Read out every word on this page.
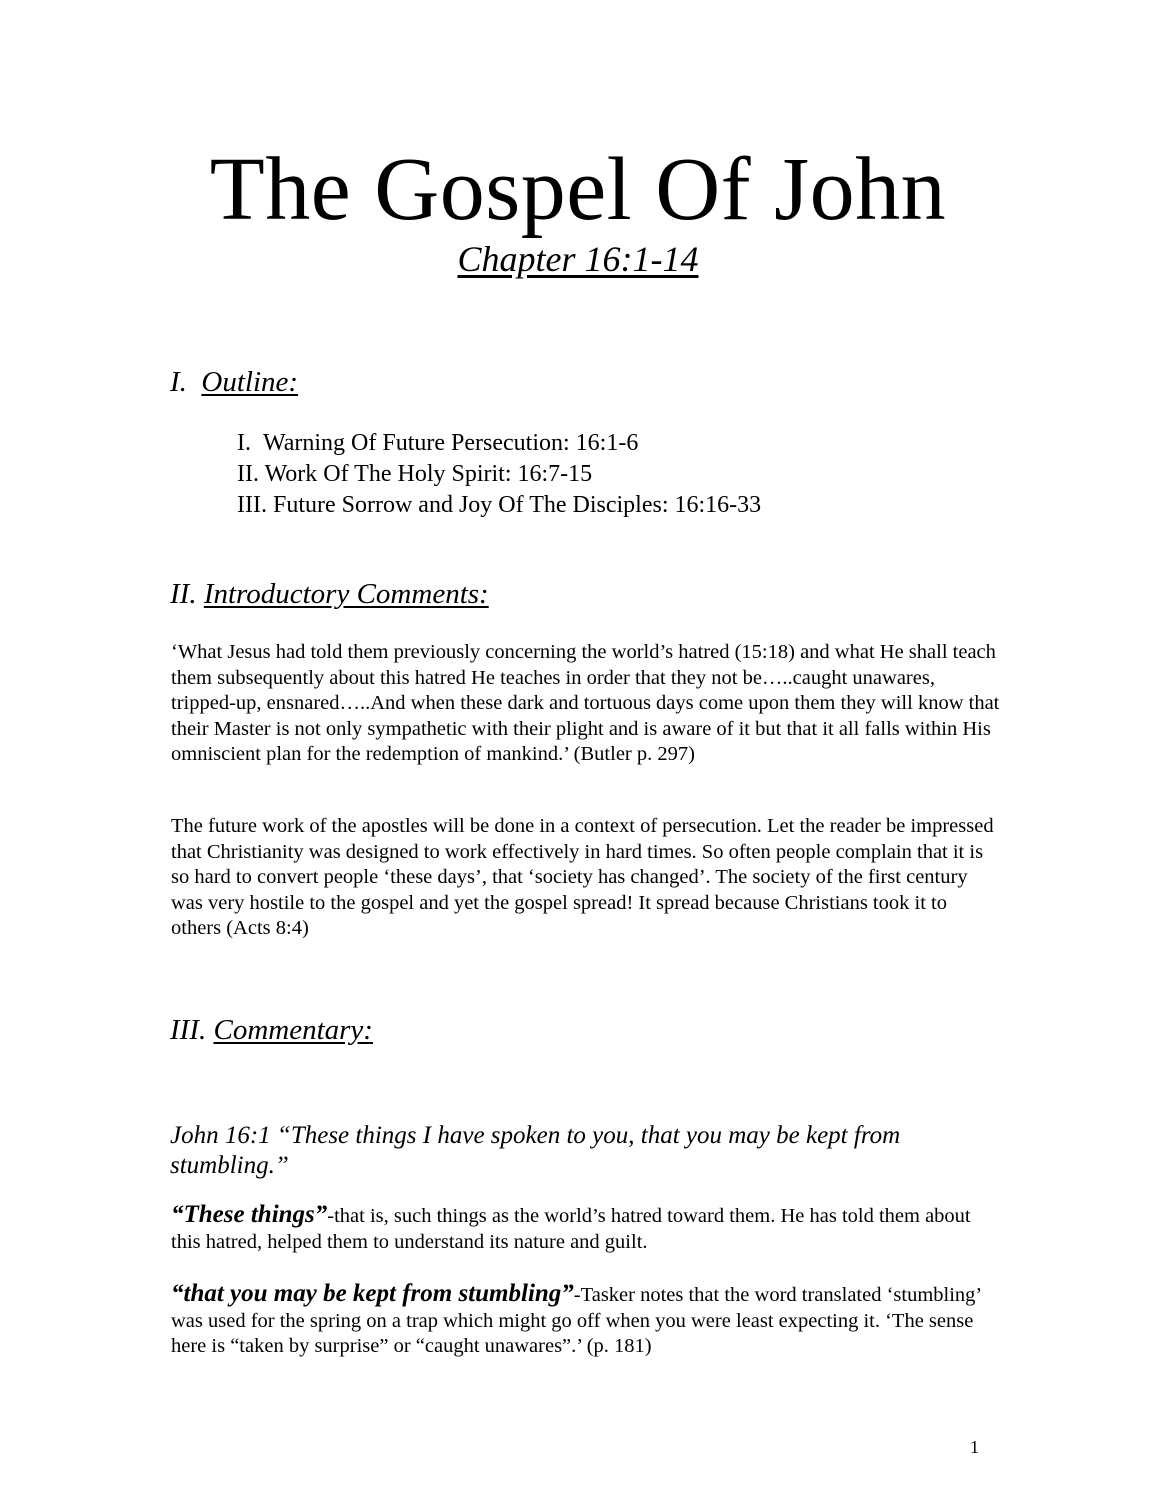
The Gospel Of John
Chapter 16:1-14
I. Outline:
I. Warning Of Future Persecution: 16:1-6
II. Work Of The Holy Spirit: 16:7-15
III. Future Sorrow and Joy Of The Disciples: 16:16-33
II. Introductory Comments:

‘What Jesus had told them previously concerning the world’s hatred (15:18) and what He shall teach them subsequently about this hatred He teaches in order that they not be…..caught unawares, tripped-up, ensnared…..And when these dark and tortuous days come upon them they will know that their Master is not only sympathetic with their plight and is aware of it but that it all falls within His omniscient plan for the redemption of mankind.’ (Butler p. 297)

The future work of the apostles will be done in a context of persecution. Let the reader be impressed that Christianity was designed to work effectively in hard times. So often people complain that it is so hard to convert people ‘these days’, that ‘society has changed’. The society of the first century was very hostile to the gospel and yet the gospel spread! It spread because Christians took it to others (Acts 8:4)

III. Commentary:

John 16:1 “These things I have spoken to you, that you may be kept from stumbling.”

“These things”-that is, such things as the world’s hatred toward them. He has told them about this hatred, helped them to understand its nature and guilt.

“that you may be kept from stumbling”-Tasker notes that the word translated ‘stumbling’ was used for the spring on a trap which might go off when you were least expecting it. ‘The sense here is “taken by surprise” or “caught unawares”.’ (p. 181)

1
